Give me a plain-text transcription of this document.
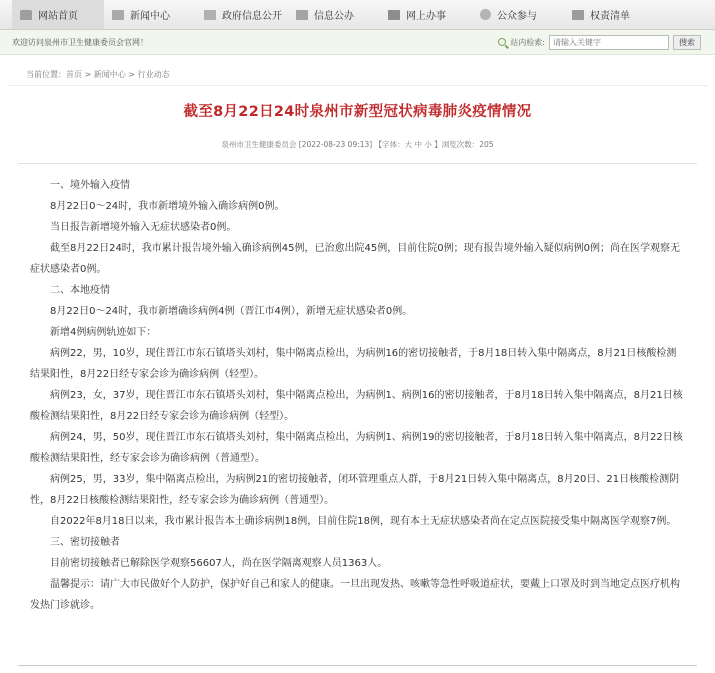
网站首页	新闻中心	政府信息公开	信息公办	网上办事	公众参与	权责清单
欢迎访问泉州市卫生健康委员会官网！	站内检索:
请输入关键字	搜索
当前位置：首页 > 新闻中心 > 行业动态
截至8月22日24时泉州市新型冠状病毒肺炎疫情情况
泉州市卫生健康委员会 [2022-08-23 09:13] 【字体：大 中 小 】浏览次数：205

一、境外输入疫情

8月22日0～24时，我市新增境外输入确诊病例0例。

当日报告新增境外输入无症状感染者0例。

截至8月22日24时，我市累计报告境外输入确诊病例45例，已治愈出院45例，目前住院0例；现有报告境外输入疑似病例0例；尚在医学观察无症状感染者0例。

二、本地疫情

8月22日0～24时，我市新增确诊病例4例（晋江市4例），新增无症状感染者0例。

新增4例病例轨迹如下：

病例22，男，10岁，现住晋江市东石镇塔头刘村，集中隔离点检出，为病例16的密切接触者，于8月18日转入集中隔离点，8月21日核酸检测结果阳性，8月22日经专家会诊为确诊病例（轻型）。

病例23，女，37岁，现住晋江市东石镇塔头刘村，集中隔离点检出，为病例1、病例16的密切接触者，于8月18日转入集中隔离点，8月21日核酸检测结果阳性，8月22日经专家会诊为确诊病例（轻型）。

病例24，男，50岁，现住晋江市东石镇塔头刘村，集中隔离点检出，为病例1、病例19的密切接触者，于8月18日转入集中隔离点，8月22日核酸检测结果阳性，经专家会诊为确诊病例（普通型）。

病例25，男，33岁，集中隔离点检出，为病例21的密切接触者，闭环管理重点人群，于8月21日转入集中隔离点，8月20日、21日核酸检测阴性，8月22日核酸检测结果阳性，经专家会诊为确诊病例（普通型）。

自2022年8月18日以来，我市累计报告本土确诊病例18例，目前住院18例，现有本土无症状感染者尚在定点医院接受集中隔离医学观察7例。

三、密切接触者

目前密切接触者已解除医学观察56607人，尚在医学隔离观察人员1363人。

温馨提示：请广大市民做好个人防护，保护好自己和家人的健康。一旦出现发热、咳嗽等急性呼吸道症状，要戴上口罩及时到当地定点医疗机构发热门诊就诊。
